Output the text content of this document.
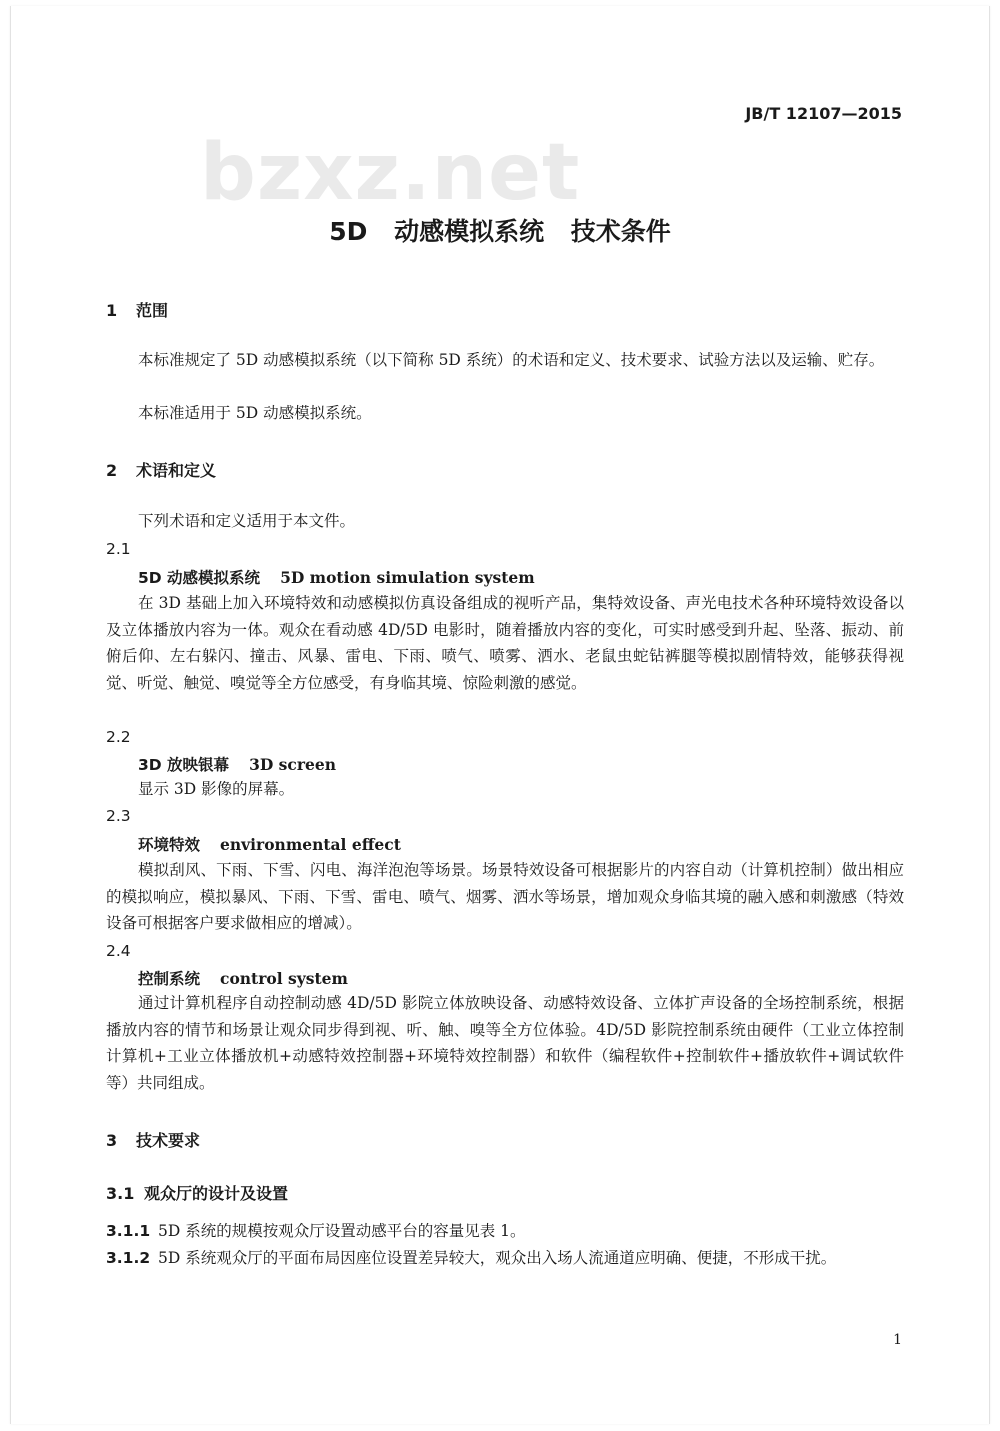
JB/T 12107—2015
bzxz.net
5D 动感模拟系统 技术条件
1 范围

本标准规定了 5D 动感模拟系统（以下简称 5D 系统）的术语和定义、技术要求、试验方法以及运输、贮存。

本标准适用于 5D 动感模拟系统。

2 术语和定义

下列术语和定义适用于本文件。

2.1
5D 动感模拟系统 5D motion simulation system

在 3D 基础上加入环境特效和动感模拟仿真设备组成的视听产品，集特效设备、声光电技术各种环境特效设备以及立体播放内容为一体。观众在看动感 4D/5D 电影时，随着播放内容的变化，可实时感受到升起、坠落、振动、前俯后仰、左右躲闪、撞击、风暴、雷电、下雨、喷气、喷雾、洒水、老鼠虫蛇钻裤腿等模拟剧情特效，能够获得视觉、听觉、触觉、嗅觉等全方位感受，有身临其境、惊险刺激的感觉。

2.2
3D 放映银幕 3D screen

显示 3D 影像的屏幕。

2.3
环境特效 environmental effect

模拟刮风、下雨、下雪、闪电、海洋泡泡等场景。场景特效设备可根据影片的内容自动（计算机控制）做出相应的模拟响应，模拟暴风、下雨、下雪、雷电、喷气、烟雾、洒水等场景，增加观众身临其境的融入感和刺激感（特效设备可根据客户要求做相应的增减）。

2.4
控制系统 control system

通过计算机程序自动控制动感 4D/5D 影院立体放映设备、动感特效设备、立体扩声设备的全场控制系统，根据播放内容的情节和场景让观众同步得到视、听、触、嗅等全方位体验。4D/5D 影院控制系统由硬件（工业立体控制计算机+工业立体播放机+动感特效控制器+环境特效控制器）和软件（编程软件+控制软件+播放软件+调试软件等）共同组成。

3 技术要求
3.1 观众厅的设计及设置
3.1.1 5D 系统的规模按观众厅设置动感平台的容量见表 1。
3.1.2 5D 系统观众厅的平面布局因座位设置差异较大，观众出入场人流通道应明确、便捷，不形成干扰。
1
